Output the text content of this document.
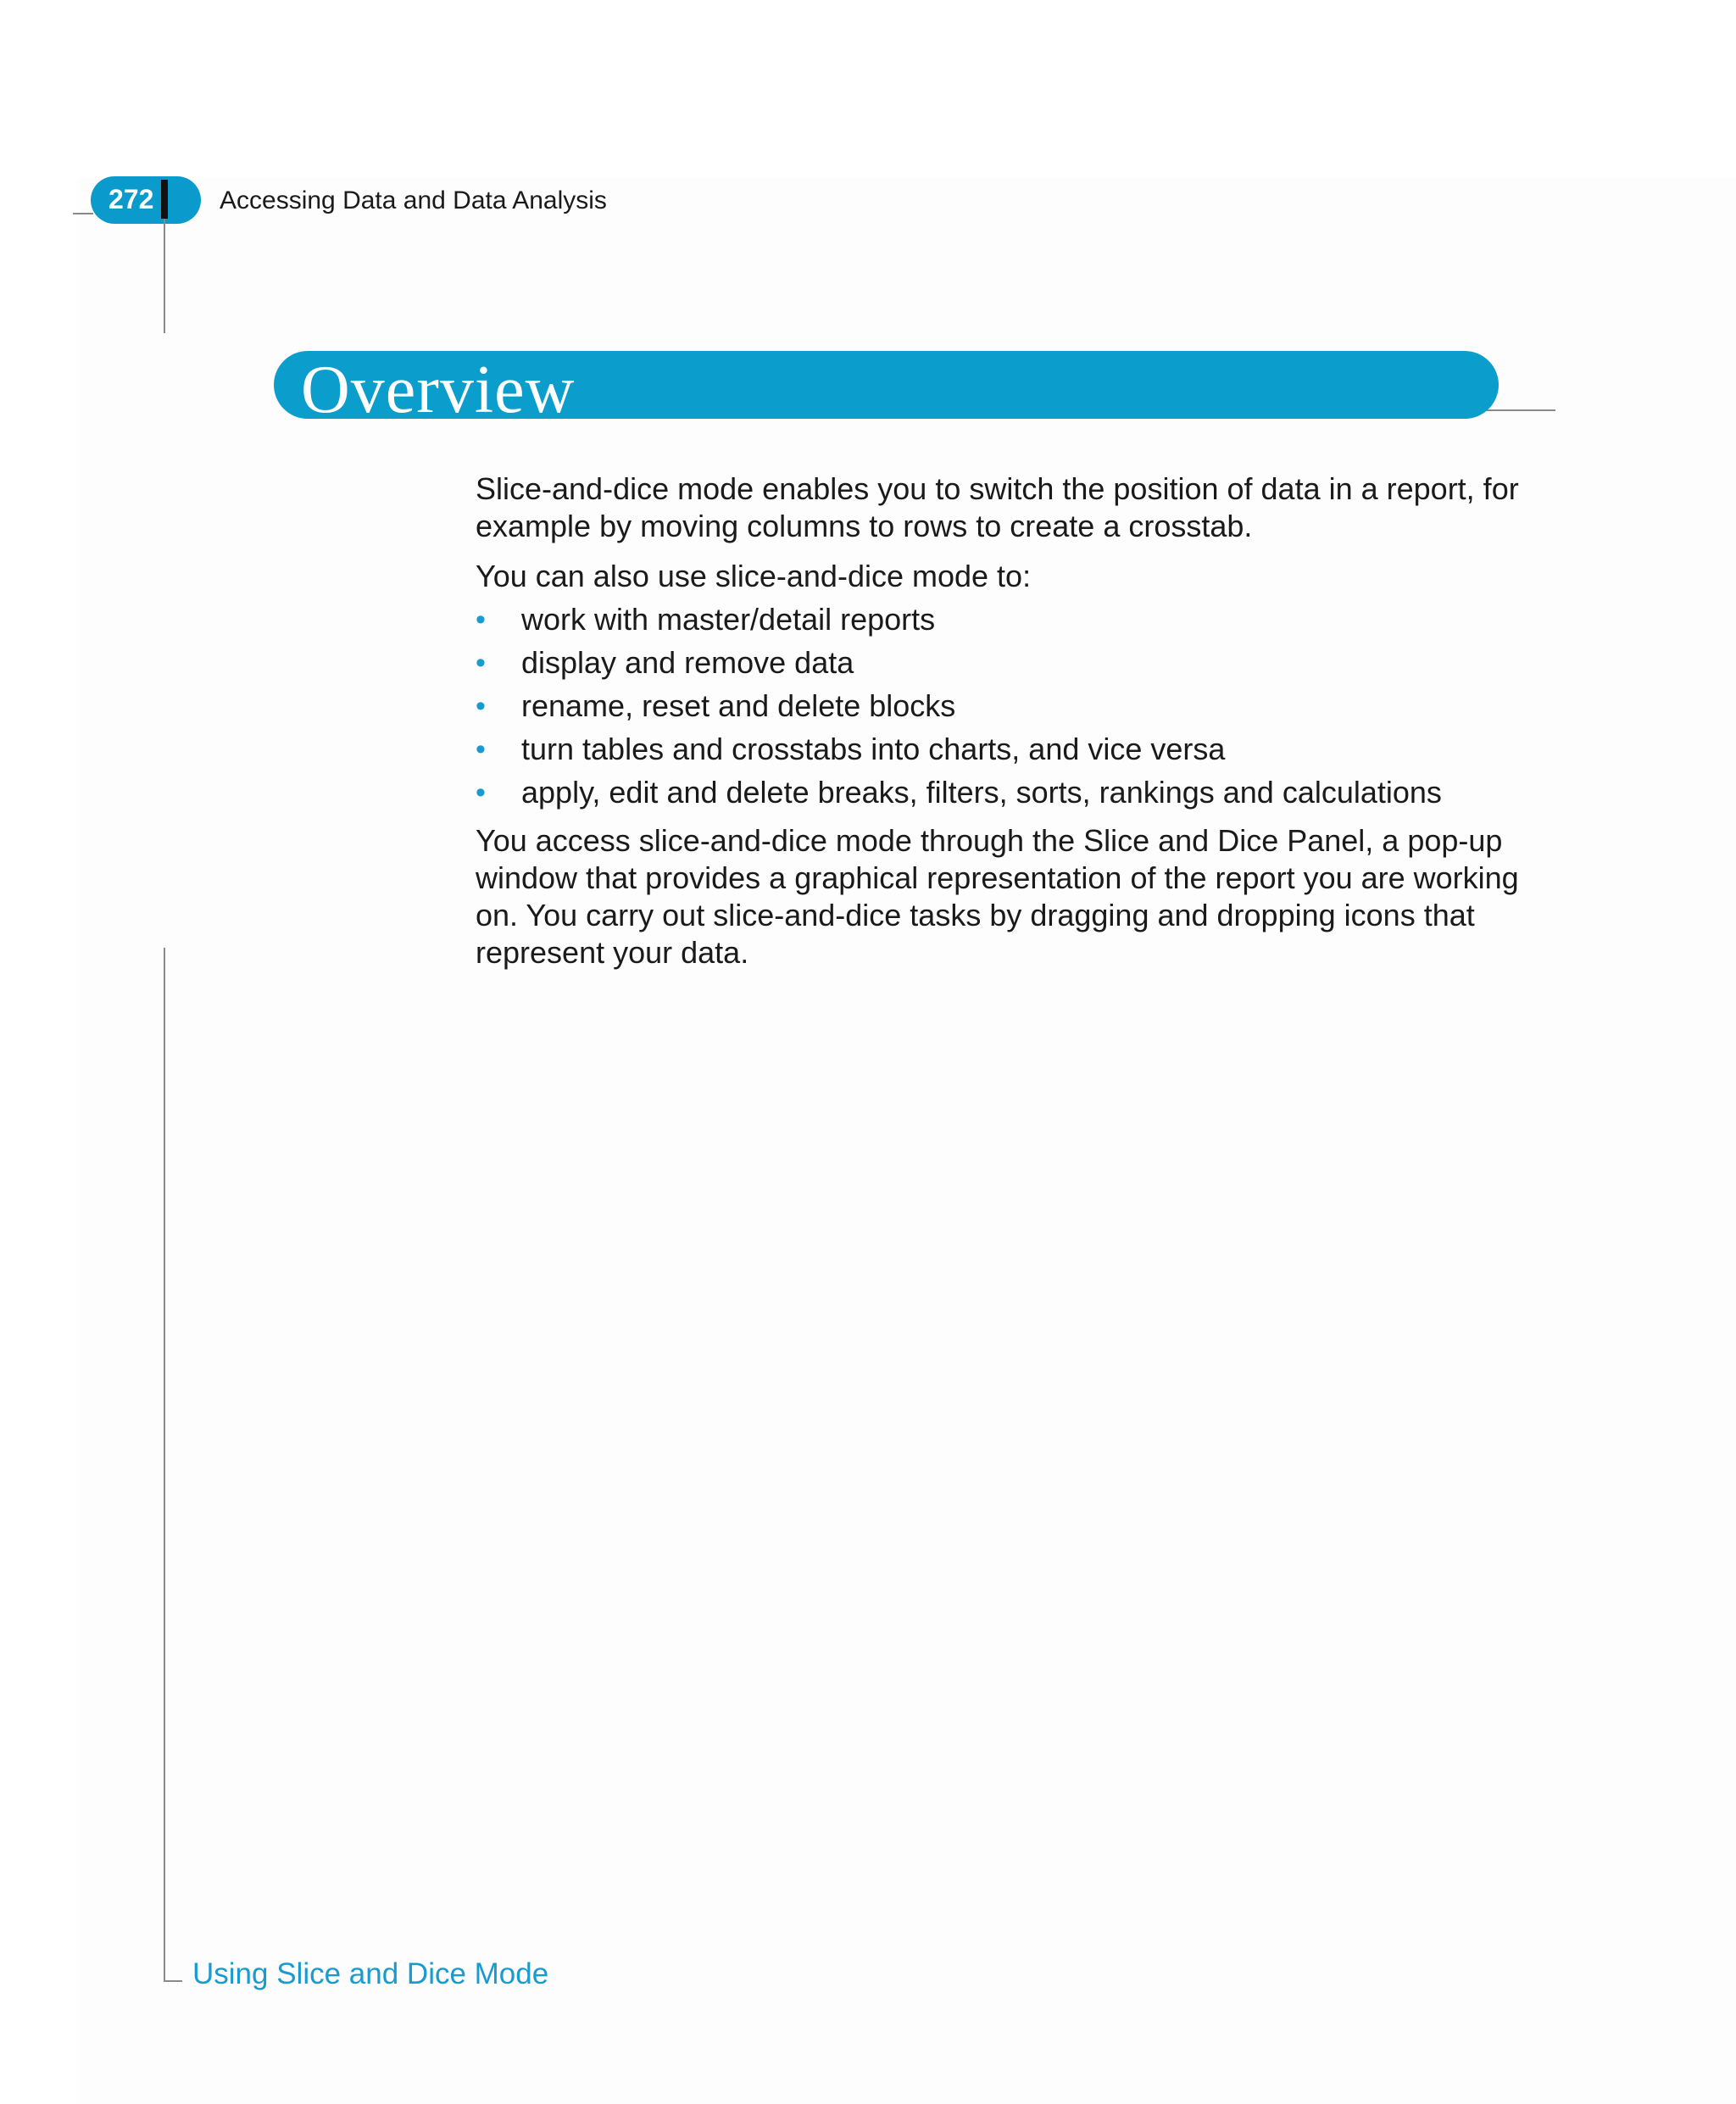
272	Accessing Data and Data Analysis
Overview

Slice-and-dice mode enables you to switch the position of data in a report, for example by moving columns to rows to create a crosstab.

You can also use slice-and-dice mode to:

• work with master/detail reports
• display and remove data
• rename, reset and delete blocks
• turn tables and crosstabs into charts, and vice versa
• apply, edit and delete breaks, filters, sorts, rankings and calculations

You access slice-and-dice mode through the Slice and Dice Panel, a pop-up window that provides a graphical representation of the report you are working on. You carry out slice-and-dice tasks by dragging and dropping icons that represent your data.

Using Slice and Dice Mode
